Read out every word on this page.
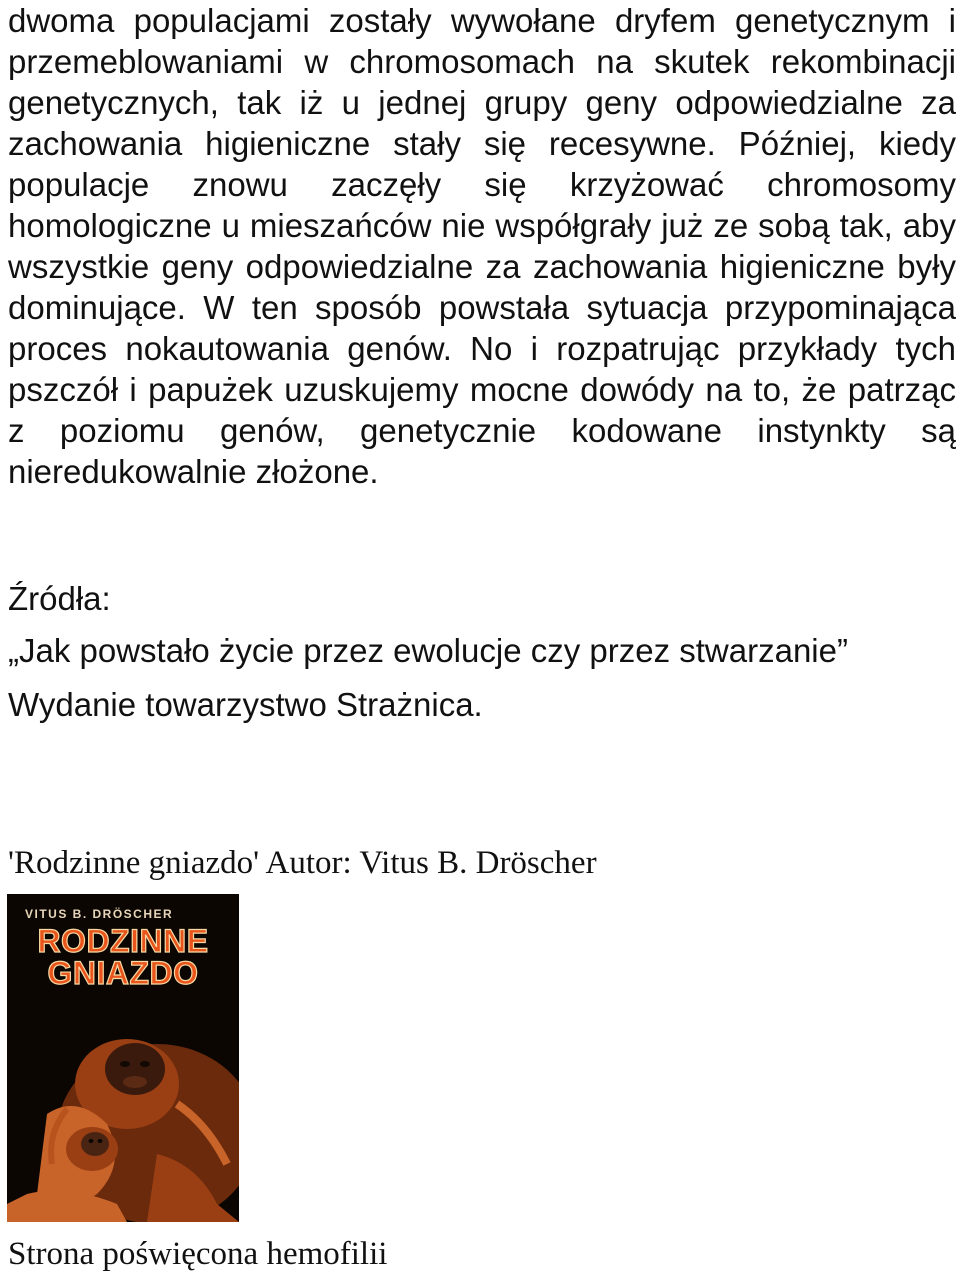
dwoma populacjami zostały wywołane dryfem genetycznym i przemeblowaniami w chromosomach na skutek rekombinacji genetycznych, tak iż u jednej grupy geny odpowiedzialne za zachowania higieniczne stały się recesywne. Później, kiedy populacje znowu zaczęły się krzyżować chromosomy homologiczne u mieszańców nie współgrały już ze sobą tak, aby wszystkie geny odpowiedzialne za zachowania higieniczne były dominujące. W ten sposób powstała sytuacja przypominająca proces nokautowania genów. No i rozpatrując przykłady tych pszczół i papużek uzuskujemy mocne dowódy na to, że patrząc z poziomu genów, genetycznie kodowane instynkty są nieredukowalnie złożone.

Źródła:
„Jak powstało życie przez ewolucje czy przez stwarzanie”
Wydanie towarzystwo Strażnica.
'Rodzinne gniazdo' Autor: Vitus B. Dröscher
VITUS B. DRÖSCHER
RODZINNE
GNIAZDO
Strona poświęcona hemofilii
